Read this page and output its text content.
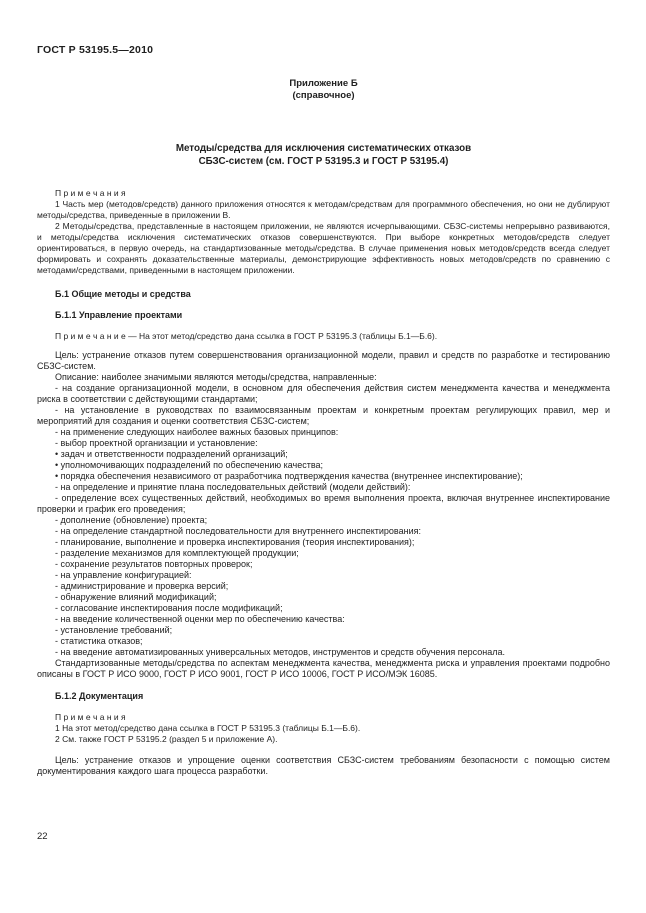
ГОСТ Р 53195.5—2010
Приложение Б
(справочное)
Методы/средства для исключения систематических отказов
СБЗС-систем (см. ГОСТ Р 53195.3 и ГОСТ Р 53195.4)

П р и м е ч а н и я

1 Часть мер (методов/средств) данного приложения относятся к методам/средствам для программного обеспечения, но они не дублируют методы/средства, приведенные в приложении В.

2 Методы/средства, представленные в настоящем приложении, не являются исчерпывающими. СБЗС-системы непрерывно развиваются, и методы/средства исключения систематических отказов совершенствуются. При выборе конкретных методов/средств следует ориентироваться, в первую очередь, на стандартизованные методы/средства. В случае применения новых методов/средств всегда следует формировать и сохранять доказательственные материалы, демонстрирующие эффективность новых методов/средств по сравнению с методами/средствами, приведенными в настоящем приложении.

Б.1 Общие методы и средства

Б.1.1 Управление проектами

П р и м е ч а н и е — На этот метод/средство дана ссылка в ГОСТ Р 53195.3 (таблицы Б.1—Б.6).

Цель: устранение отказов путем совершенствования организационной модели, правил и средств по разработке и тестированию СБЗС-систем.

Описание: наиболее значимыми являются методы/средства, направленные:

- на создание организационной модели, в основном для обеспечения действия систем менеджмента качества и менеджмента риска в соответствии с действующими стандартами;

- на установление в руководствах по взаимосвязанным проектам и конкретным проектам регулирующих правил, мер и мероприятий для создания и оценки соответствия СБЗС-систем;

- на применение следующих наиболее важных базовых принципов:

- выбор проектной организации и установление:

• задач и ответственности подразделений организаций;

• уполномочивающих подразделений по обеспечению качества;

• порядка обеспечения независимого от разработчика подтверждения качества (внутреннее инспектирование);

- на определение и принятие плана последовательных действий (модели действий):

- определение всех существенных действий, необходимых во время выполнения проекта, включая внутреннее инспектирование проверки и график его проведения;

- дополнение (обновление) проекта;

- на определение стандартной последовательности для внутреннего инспектирования:

- планирование, выполнение и проверка инспектирования (теория инспектирования);

- разделение механизмов для комплектующей продукции;

- сохранение результатов повторных проверок;

- на управление конфигурацией:

- администрирование и проверка версий;

- обнаружение влияний модификаций;

- согласование инспектирования после модификаций;

- на введение количественной оценки мер по обеспечению качества:

- установление требований;

- статистика отказов;

- на введение автоматизированных универсальных методов, инструментов и средств обучения персонала.

Стандартизованные методы/средства по аспектам менеджмента качества, менеджмента риска и управления проектами подробно описаны в ГОСТ Р ИСО 9000, ГОСТ Р ИСО 9001, ГОСТ Р ИСО 10006, ГОСТ Р ИСО/МЭК 16085.

Б.1.2 Документация

П р и м е ч а н и я

1 На этот метод/средство дана ссылка в ГОСТ Р 53195.3 (таблицы Б.1—Б.6).

2 См. также ГОСТ Р 53195.2 (раздел 5 и приложение А).

Цель: устранение отказов и упрощение оценки соответствия СБЗС-систем требованиям безопасности с помощью систем документирования каждого шага процесса разработки.

22
